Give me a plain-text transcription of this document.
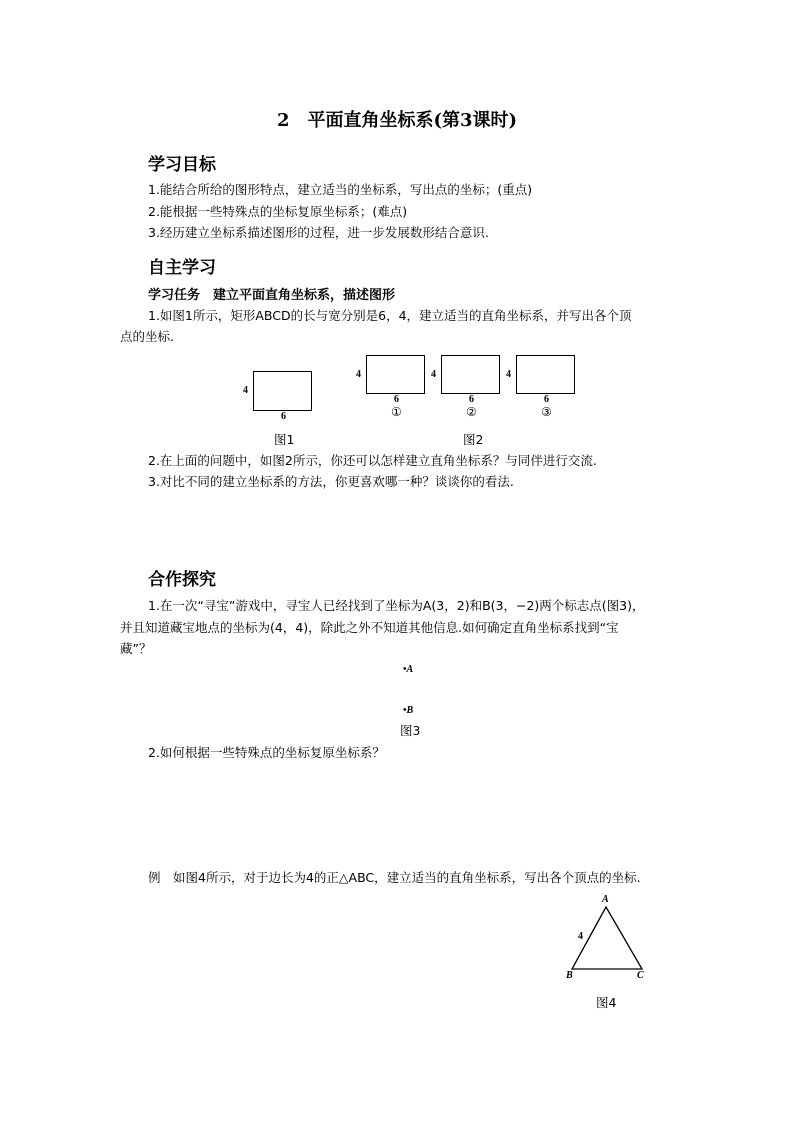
2　平面直角坐标系(第3课时)
学习目标
1.能结合所给的图形特点，建立适当的坐标系，写出点的坐标；(重点)
2.能根据一些特殊点的坐标复原坐标系；(难点)
3.经历建立坐标系描述图形的过程，进一步发展数形结合意识.
自主学习
学习任务　建立平面直角坐标系，描述图形
1.如图1所示，矩形ABCD的长与宽分别是6，4，建立适当的直角坐标系，并写出各个顶
点的坐标.
4
6
图1
4
6
①
4
6
②
4
6
③
图2
2.在上面的问题中，如图2所示，你还可以怎样建立直角坐标系？与同伴进行交流.
3.对比不同的建立坐标系的方法，你更喜欢哪一种？谈谈你的看法.
合作探究
1.在一次“寻宝”游戏中，寻宝人已经找到了坐标为A(3，2)和B(3，−2)两个标志点(图3)，
并且知道藏宝地点的坐标为(4，4)，除此之外不知道其他信息.如何确定直角坐标系找到“宝
藏”？
•A
•B
图3
2.如何根据一些特殊点的坐标复原坐标系？
例　如图4所示，对于边长为4的正△ABC，建立适当的直角坐标系，写出各个顶点的坐标.
A
B	C
4
图4
